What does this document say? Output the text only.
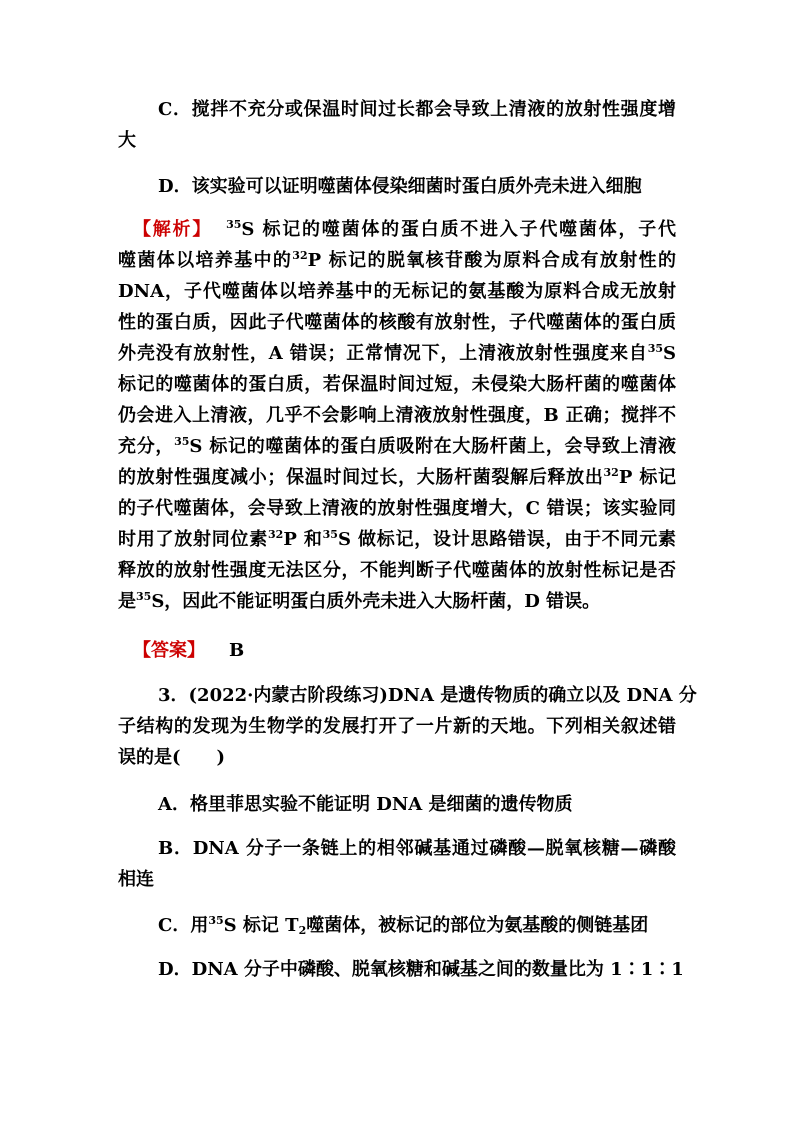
C．搅拌不充分或保温时间过长都会导致上清液的放射性强度增
大
D．该实验可以证明噬菌体侵染细菌时蛋白质外壳未进入细胞
【解析】 $^{35}$S 标记的噬菌体的蛋白质不进入子代噬菌体，子代
噬菌体以培养基中的$^{32}$P 标记的脱氧核苷酸为原料合成有放射性的
DNA，子代噬菌体以培养基中的无标记的氨基酸为原料合成无放射
性的蛋白质，因此子代噬菌体的核酸有放射性，子代噬菌体的蛋白质
外壳没有放射性，A 错误；正常情况下，上清液放射性强度来自$^{35}$S
标记的噬菌体的蛋白质，若保温时间过短，未侵染大肠杆菌的噬菌体
仍会进入上清液，几乎不会影响上清液放射性强度，B 正确；搅拌不
充分，$^{35}$S 标记的噬菌体的蛋白质吸附在大肠杆菌上，会导致上清液
的放射性强度减小；保温时间过长，大肠杆菌裂解后释放出$^{32}$P 标记
的子代噬菌体，会导致上清液的放射性强度增大，C 错误；该实验同
时用了放射同位素$^{32}$P 和$^{35}$S 做标记，设计思路错误，由于不同元素
释放的放射性强度无法区分，不能判断子代噬菌体的放射性标记是否
是$^{35}$S，因此不能证明蛋白质外壳未进入大肠杆菌，D 错误。
【答案】 B
3．(2022·内蒙古阶段练习)DNA 是遗传物质的确立以及 DNA 分
子结构的发现为生物学的发展打开了一片新的天地。下列相关叙述错
误的是(　　)
A．格里菲思实验不能证明 DNA 是细菌的遗传物质
B．DNA 分子一条链上的相邻碱基通过磷酸—脱氧核糖—磷酸
相连
C．用$^{35}$S 标记 $T_2$噬菌体，被标记的部位为氨基酸的侧链基团
D．DNA 分子中磷酸、脱氧核糖和碱基之间的数量比为 1∶1∶1
